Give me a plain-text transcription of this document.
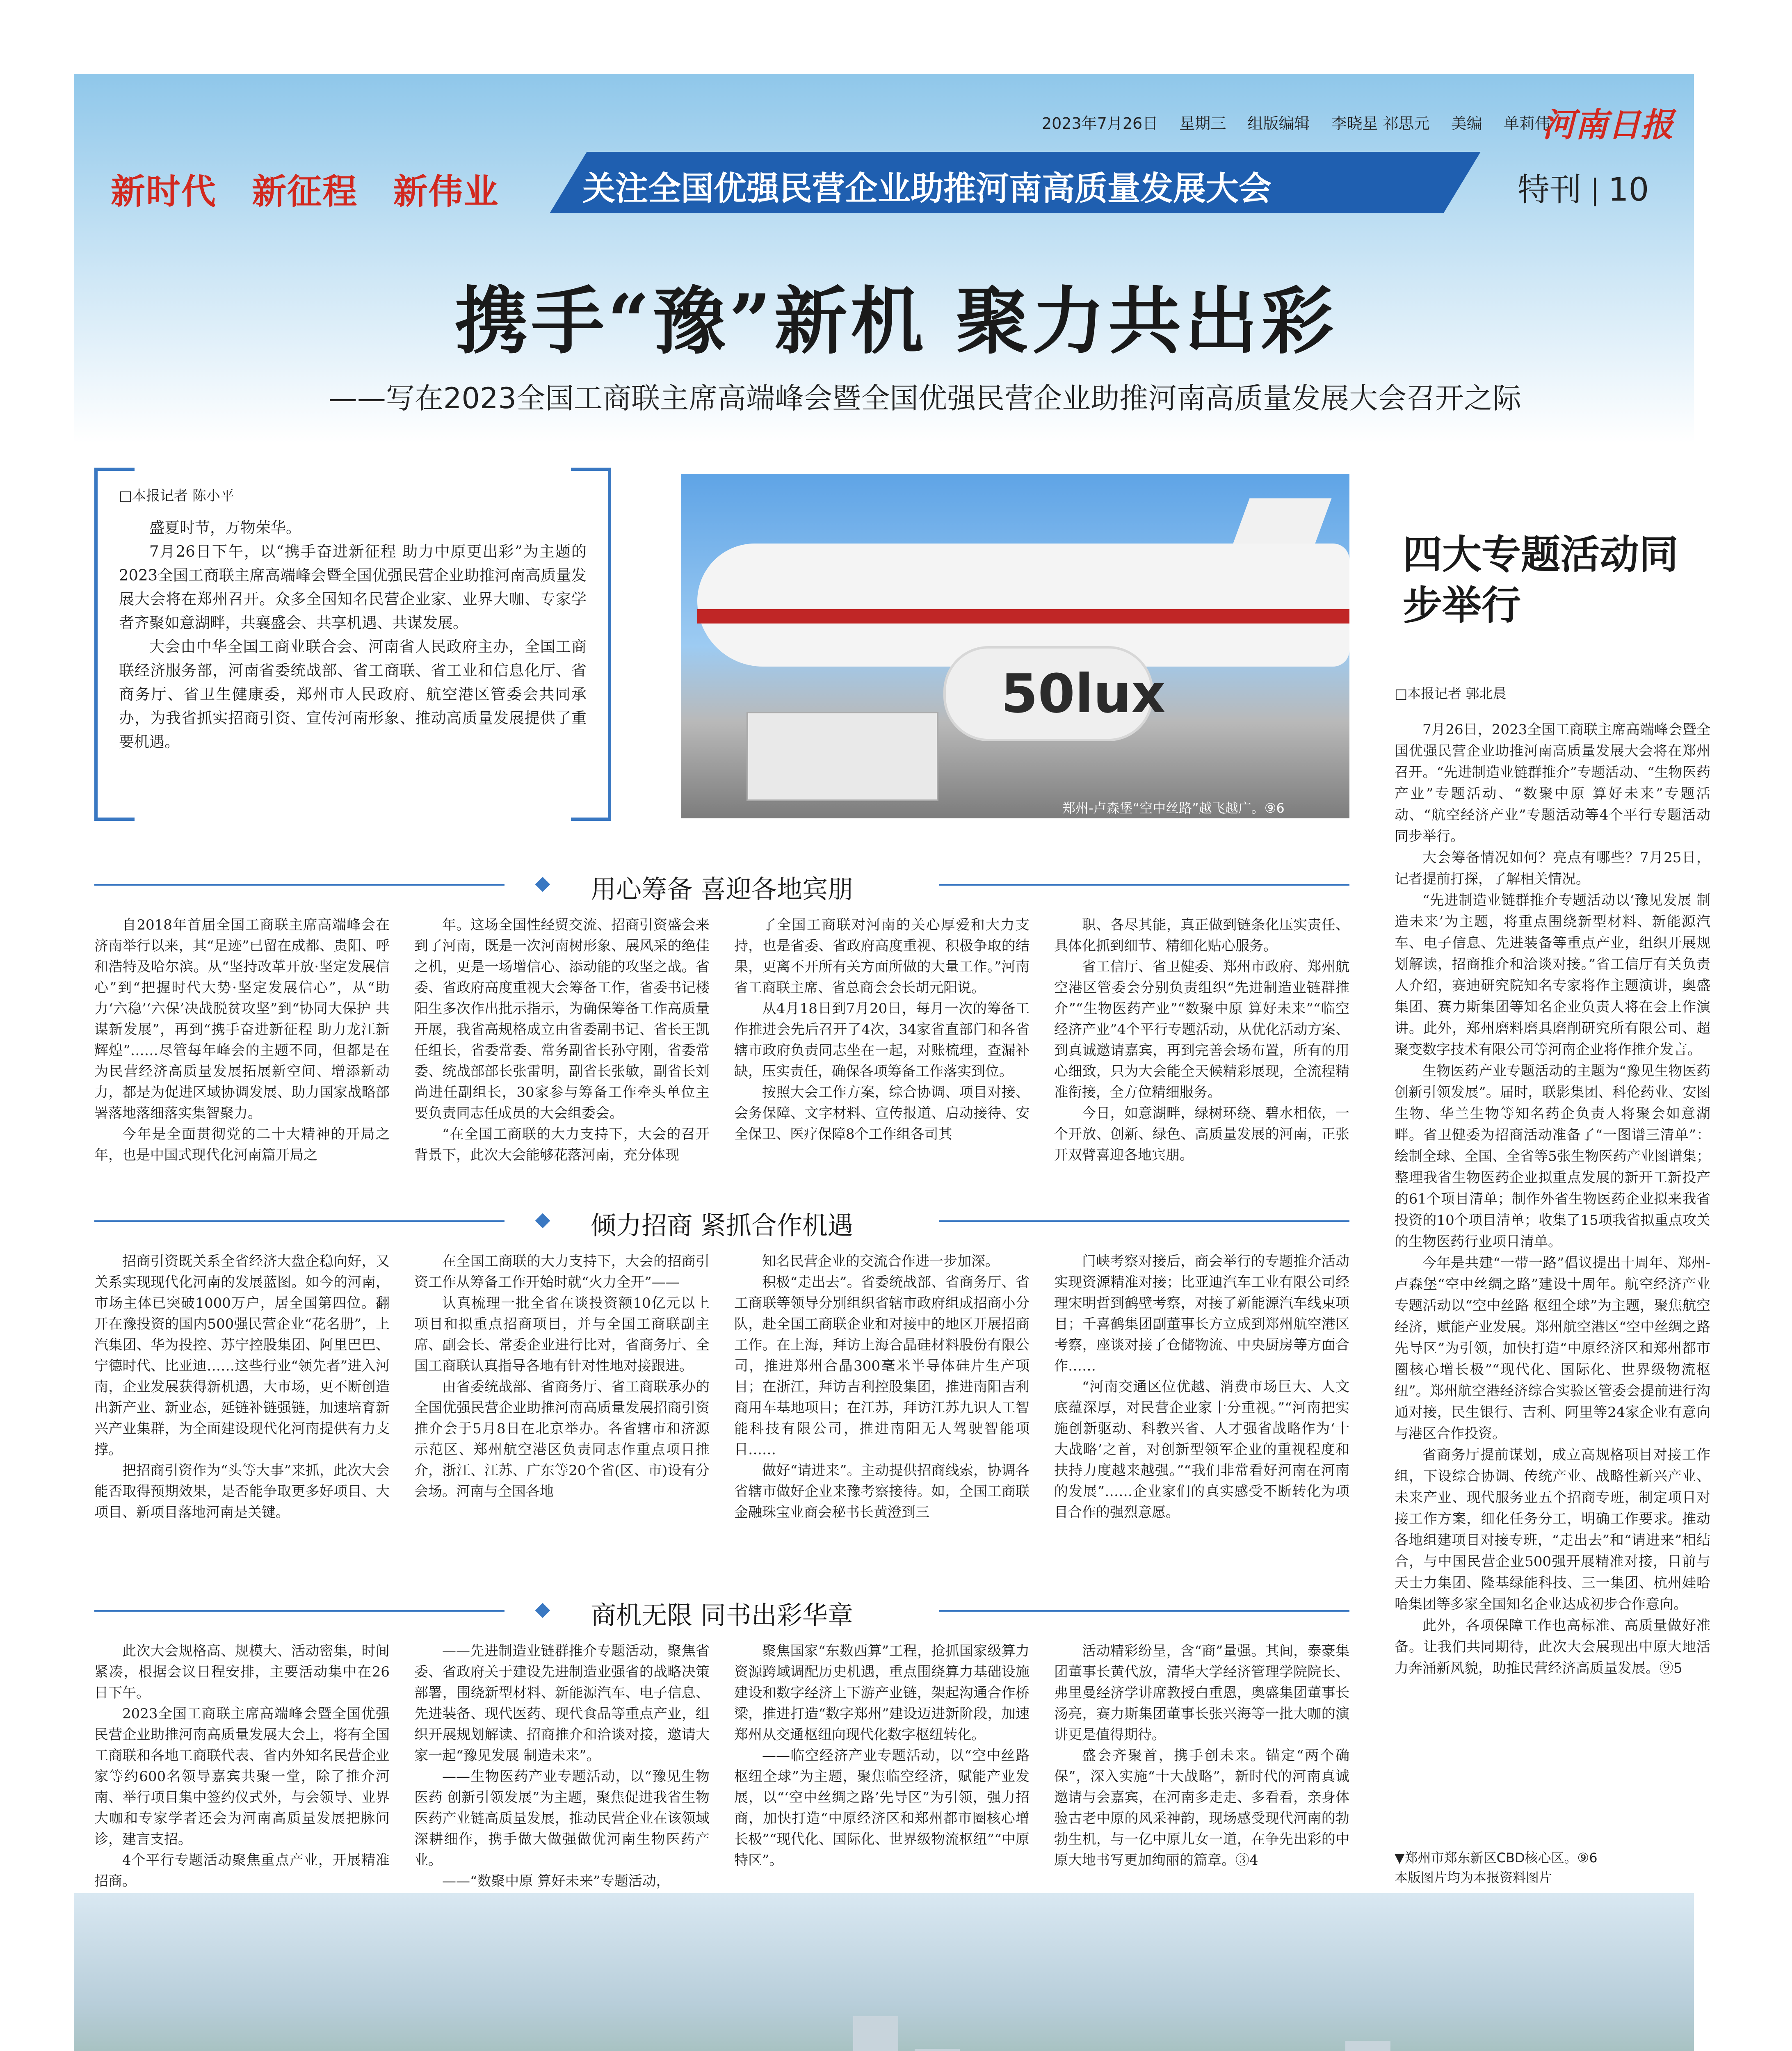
2023年7月26日 星期三 组版编辑 李晓星 祁思元 美编 单莉伟
河南日报
新时代 新征程 新伟业	关注全国优强民营企业助推河南高质量发展大会	特刊 10
携手“豫”新机 聚力共出彩
——写在2023全国工商联主席高端峰会暨全国优强民营企业助推河南高质量发展大会召开之际
□本报记者 陈小平

盛夏时节，万物荣华。

7月26日下午，以“携手奋进新征程 助力中原更出彩”为主题的2023全国工商联主席高端峰会暨全国优强民营企业助推河南高质量发展大会将在郑州召开。众多全国知名民营企业家、业界大咖、专家学者齐聚如意湖畔，共襄盛会、共享机遇、共谋发展。

大会由中华全国工商业联合会、河南省人民政府主办，全国工商联经济服务部，河南省委统战部、省工商联、省工业和信息化厅、省商务厅、省卫生健康委，郑州市人民政府、航空港区管委会共同承办，为我省抓实招商引资、宣传河南形象、推动高质量发展提供了重要机遇。

50lux
郑州-卢森堡“空中丝路”越飞越广。⑨6
四大专题活动同步举行
□本报记者 郭北晨

7月26日，2023全国工商联主席高端峰会暨全国优强民营企业助推河南高质量发展大会将在郑州召开。“先进制造业链群推介”专题活动、“生物医药产业”专题活动、“数聚中原 算好未来”专题活动、“航空经济产业”专题活动等4个平行专题活动同步举行。

大会筹备情况如何？亮点有哪些？7月25日，记者提前打探，了解相关情况。

“先进制造业链群推介专题活动以‘豫见发展 制造未来’为主题，将重点围绕新型材料、新能源汽车、电子信息、先进装备等重点产业，组织开展规划解读，招商推介和洽谈对接。”省工信厅有关负责人介绍，赛迪研究院知名专家将作主题演讲，奥盛集团、赛力斯集团等知名企业负责人将在会上作演讲。此外，郑州磨料磨具磨削研究所有限公司、超聚变数字技术有限公司等河南企业将作推介发言。

生物医药产业专题活动的主题为“豫见生物医药 创新引领发展”。届时，联影集团、科伦药业、安图生物、华兰生物等知名药企负责人将聚会如意湖畔。省卫健委为招商活动准备了“一图谱三清单”：绘制全球、全国、全省等5张生物医药产业图谱集；整理我省生物医药企业拟重点发展的新开工新投产的61个项目清单；制作外省生物医药企业拟来我省投资的10个项目清单；收集了15项我省拟重点攻关的生物医药行业项目清单。

今年是共建“一带一路”倡议提出十周年、郑州-卢森堡“空中丝绸之路”建设十周年。航空经济产业专题活动以“空中丝路 枢纽全球”为主题，聚焦航空经济，赋能产业发展。郑州航空港区“空中丝绸之路先导区”为引领，加快打造“中原经济区和郑州都市圈核心增长极”“现代化、国际化、世界级物流枢纽”。郑州航空港经济综合实验区管委会提前进行沟通对接，民生银行、吉利、阿里等24家企业有意向与港区合作投资。

省商务厅提前谋划，成立高规格项目对接工作组，下设综合协调、传统产业、战略性新兴产业、未来产业、现代服务业五个招商专班，制定项目对接工作方案，细化任务分工，明确工作要求。推动各地组建项目对接专班，“走出去”和“请进来”相结合，与中国民营企业500强开展精准对接，目前与天士力集团、隆基绿能科技、三一集团、杭州娃哈哈集团等多家全国知名企业达成初步合作意向。

此外，各项保障工作也高标准、高质量做好准备。让我们共同期待，此次大会展现出中原大地活力奔涌新风貌，助推民营经济高质量发展。⑨5

▼郑州市郑东新区CBD核心区。⑨6
本版图片均为本报资料图片
用心筹备 喜迎各地宾朋

自2018年首届全国工商联主席高端峰会在济南举行以来，其“足迹”已留在成都、贵阳、呼和浩特及哈尔滨。从“坚持改革开放·坚定发展信心”到“把握时代大势·坚定发展信心”，从“助力‘六稳’‘六保’决战脱贫攻坚”到“协同大保护 共谋新发展”，再到“携手奋进新征程 助力龙江新辉煌”……尽管每年峰会的主题不同，但都是在为民营经济高质量发展拓展新空间、增添新动力，都是为促进区域协调发展、助力国家战略部署落地落细落实集智聚力。

今年是全面贯彻党的二十大精神的开局之年，也是中国式现代化河南篇开局之

年。这场全国性经贸交流、招商引资盛会来到了河南，既是一次河南树形象、展风采的绝佳之机，更是一场增信心、添动能的攻坚之战。省委、省政府高度重视大会筹备工作，省委书记楼阳生多次作出批示指示，为确保筹备工作高质量开展，我省高规格成立由省委副书记、省长王凯任组长，省委常委、常务副省长孙守刚，省委常委、统战部部长张雷明，副省长张敏，副省长刘尚进任副组长，30家参与筹备工作牵头单位主要负责同志任成员的大会组委会。

“在全国工商联的大力支持下，大会的召开背景下，此次大会能够花落河南，充分体现

了全国工商联对河南的关心厚爱和大力支持，也是省委、省政府高度重视、积极争取的结果，更离不开所有关方面所做的大量工作。”河南省工商联主席、省总商会会长胡元阳说。

从4月18日到7月20日，每月一次的筹备工作推进会先后召开了4次，34家省直部门和各省辖市政府负责同志坐在一起，对账梳理，查漏补缺，压实责任，确保各项筹备工作落实到位。

按照大会工作方案，综合协调、项目对接、会务保障、文字材料、宣传报道、启动接待、安全保卫、医疗保障8个工作组各司其

职、各尽其能，真正做到链条化压实责任、具体化抓到细节、精细化贴心服务。

省工信厅、省卫健委、郑州市政府、郑州航空港区管委会分别负责组织“先进制造业链群推介”“生物医药产业”“数聚中原 算好未来”“临空经济产业”4个平行专题活动，从优化活动方案、到真诚邀请嘉宾，再到完善会场布置，所有的用心细致，只为大会能全天候精彩展现，全流程精准衔接，全方位精细服务。

今日，如意湖畔，绿树环绕、碧水相依，一个开放、创新、绿色、高质量发展的河南，正张开双臂喜迎各地宾朋。

倾力招商 紧抓合作机遇

招商引资既关系全省经济大盘企稳向好，又关系实现现代化河南的发展蓝图。如今的河南，市场主体已突破1000万户，居全国第四位。翻开在豫投资的国内500强民营企业“花名册”，上汽集团、华为投控、苏宁控股集团、阿里巴巴、宁德时代、比亚迪……这些行业“领先者”进入河南，企业发展获得新机遇，大市场，更不断创造出新产业、新业态，延链补链强链，加速培育新兴产业集群，为全面建设现代化河南提供有力支撑。

把招商引资作为“头等大事”来抓，此次大会能否取得预期效果，是否能争取更多好项目、大项目、新项目落地河南是关键。

在全国工商联的大力支持下，大会的招商引资工作从筹备工作开始时就“火力全开”——

认真梳理一批全省在谈投资额10亿元以上项目和拟重点招商项目，并与全国工商联副主席、副会长、常委企业进行比对，省商务厅、全国工商联认真指导各地有针对性地对接跟进。

由省委统战部、省商务厅、省工商联承办的全国优强民营企业助推河南高质量发展招商引资推介会于5月8日在北京举办。各省辖市和济源示范区、郑州航空港区负责同志作重点项目推介，浙江、江苏、广东等20个省(区、市)设有分会场。河南与全国各地

知名民营企业的交流合作进一步加深。

积极“走出去”。省委统战部、省商务厅、省工商联等领导分别组织省辖市政府组成招商小分队，赴全国工商联企业和对接中的地区开展招商工作。在上海，拜访上海合晶硅材料股份有限公司，推进郑州合晶300毫米半导体硅片生产项目；在浙江，拜访吉利控股集团，推进南阳吉利商用车基地项目；在江苏，拜访江苏九识人工智能科技有限公司，推进南阳无人驾驶智能项目……

做好“请进来”。主动提供招商线索，协调各省辖市做好企业来豫考察接待。如，全国工商联金融珠宝业商会秘书长黄澄到三

门峡考察对接后，商会举行的专题推介活动实现资源精准对接；比亚迪汽车工业有限公司经理宋明哲到鹤壁考察，对接了新能源汽车线束项目；千喜鹤集团副董事长方立成到郑州航空港区考察，座谈对接了仓储物流、中央厨房等方面合作……

“河南交通区位优越、消费市场巨大、人文底蕴深厚，对民营企业家十分重视。”“河南把实施创新驱动、科教兴省、人才强省战略作为‘十大战略’之首，对创新型领军企业的重视程度和扶持力度越来越强。”“我们非常看好河南在河南的发展”……企业家们的真实感受不断转化为项目合作的强烈意愿。

商机无限 同书出彩华章

此次大会规格高、规模大、活动密集，时间紧凑，根据会议日程安排，主要活动集中在26日下午。

2023全国工商联主席高端峰会暨全国优强民营企业助推河南高质量发展大会上，将有全国工商联和各地工商联代表、省内外知名民营企业家等约600名领导嘉宾共聚一堂，除了推介河南、举行项目集中签约仪式外，与会领导、业界大咖和专家学者还会为河南高质量发展把脉问诊，建言支招。

4个平行专题活动聚焦重点产业，开展精准招商。

——先进制造业链群推介专题活动，聚焦省委、省政府关于建设先进制造业强省的战略决策部署，围绕新型材料、新能源汽车、电子信息、先进装备、现代医药、现代食品等重点产业，组织开展规划解读、招商推介和洽谈对接，邀请大家一起“豫见发展 制造未来”。

——生物医药产业专题活动，以“豫见生物医药 创新引领发展”为主题，聚焦促进我省生物医药产业链高质量发展，推动民营企业在该领域深耕细作，携手做大做强做优河南生物医药产业。

——“数聚中原 算好未来”专题活动，

聚焦国家“东数西算”工程，抢抓国家级算力资源跨域调配历史机遇，重点围绕算力基础设施建设和数字经济上下游产业链，架起沟通合作桥梁，推进打造“数字郑州”建设迈进新阶段，加速郑州从交通枢纽向现代化数字枢纽转化。

——临空经济产业专题活动，以“空中丝路 枢纽全球”为主题，聚焦临空经济，赋能产业发展，以“‘空中丝绸之路’先导区”为引领，强力招商，加快打造“中原经济区和郑州都市圈核心增长极”“现代化、国际化、世界级物流枢纽”“中原特区”。

活动精彩纷呈，含“商”量强。其间，泰豪集团董事长黄代放，清华大学经济管理学院院长、弗里曼经济学讲席教授白重恩，奥盛集团董事长汤亮，赛力斯集团董事长张兴海等一批大咖的演讲更是值得期待。

盛会齐聚首，携手创未来。锚定“两个确保”，深入实施“十大战略”，新时代的河南真诚邀请与会嘉宾，在河南多走走、多看看，亲身体验古老中原的风采神韵，现场感受现代河南的勃勃生机，与一亿中原儿女一道，在争先出彩的中原大地书写更加绚丽的篇章。③4
